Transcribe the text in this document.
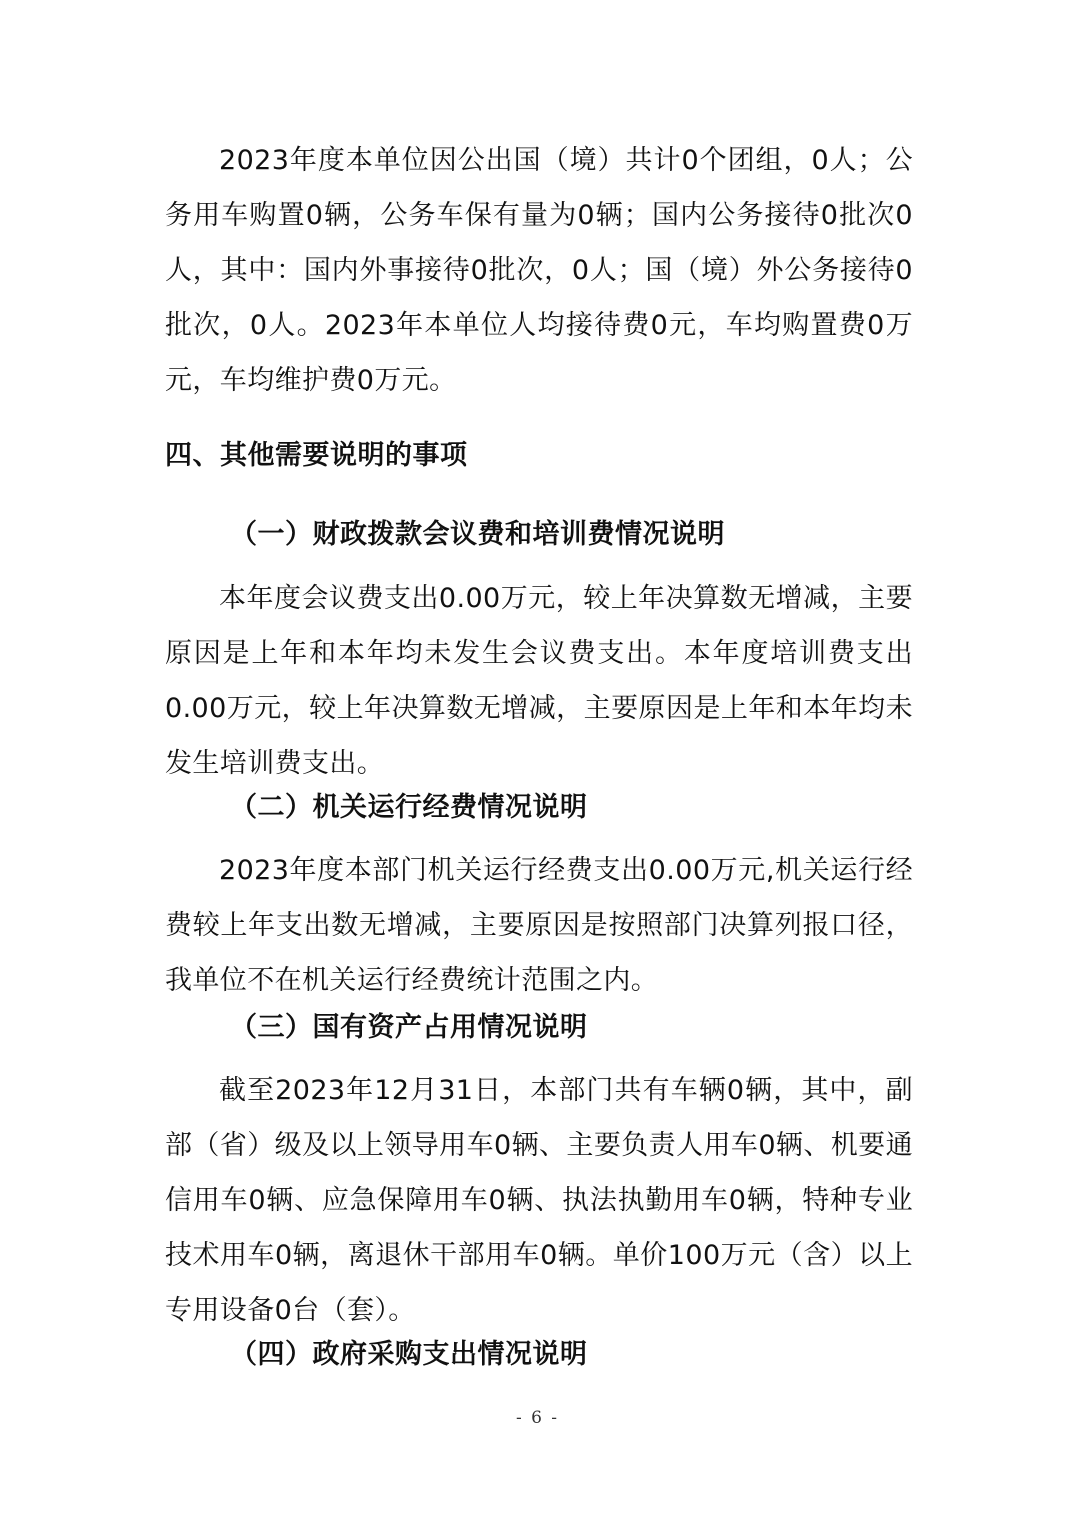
2023年度本单位因公出国（境）共计0个团组，0人；公务用车购置0辆，公务车保有量为0辆；国内公务接待0批次0人，其中：国内外事接待0批次，0人；国（境）外公务接待0批次，0人。2023年本单位人均接待费0元，车均购置费0万元，车均维护费0万元。
四、其他需要说明的事项
（一）财政拨款会议费和培训费情况说明
本年度会议费支出0.00万元，较上年决算数无增减，主要原因是上年和本年均未发生会议费支出。本年度培训费支出0.00万元，较上年决算数无增减，主要原因是上年和本年均未发生培训费支出。
（二）机关运行经费情况说明
2023年度本部门机关运行经费支出0.00万元,机关运行经费较上年支出数无增减，主要原因是按照部门决算列报口径，我单位不在机关运行经费统计范围之内。
（三）国有资产占用情况说明
截至2023年12月31日，本部门共有车辆0辆，其中，副部（省）级及以上领导用车0辆、主要负责人用车0辆、机要通信用车0辆、应急保障用车0辆、执法执勤用车0辆，特种专业技术用车0辆，离退休干部用车0辆。单价100万元（含）以上专用设备0台（套）。
（四）政府采购支出情况说明
- 6 -
